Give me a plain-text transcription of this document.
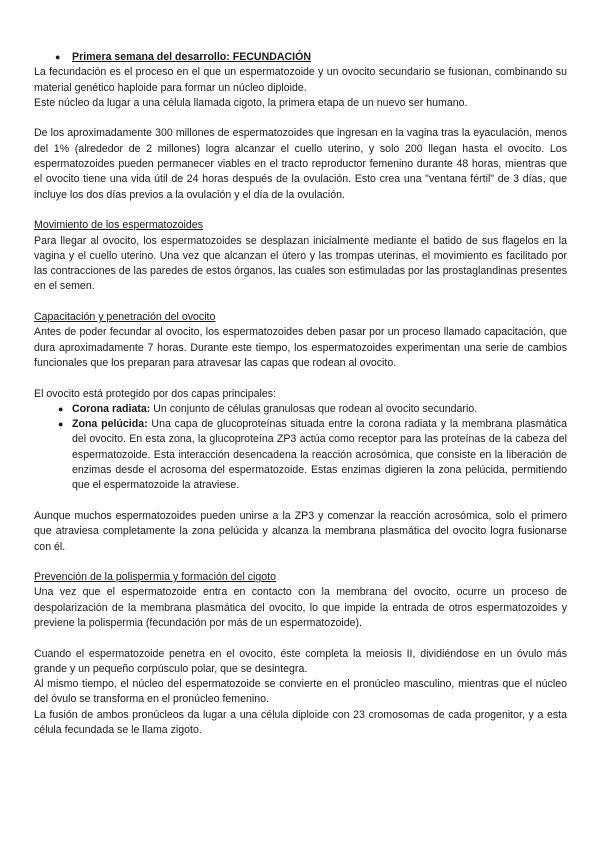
●	Primera semana del desarrollo: FECUNDACIÓN

La fecundación es el proceso en el que un espermatozoide y un ovocito secundario se fusionan, combinando su material genético haploide para formar un núcleo diploide.

Este núcleo da lugar a una célula llamada cigoto, la primera etapa de un nuevo ser humano.

De los aproximadamente 300 millones de espermatozoides que ingresan en la vagina tras la eyaculación, menos del 1% (alrededor de 2 millones) logra alcanzar el cuello uterino, y solo 200 llegan hasta el ovocito. Los espermatozoides pueden permanecer viables en el tracto reproductor femenino durante 48 horas, mientras que el ovocito tiene una vida útil de 24 horas después de la ovulación. Esto crea una "ventana fértil" de 3 días, que incluye los dos días previos a la ovulación y el día de la ovulación.

Movimiento de los espermatozoides

Para llegar al ovocito, los espermatozoides se desplazan inicialmente mediante el batido de sus flagelos en la vagina y el cuello uterino. Una vez que alcanzan el útero y las trompas uterinas, el movimiento es facilitado por las contracciones de las paredes de estos órganos, las cuales son estimuladas por las prostaglandinas presentes en el semen.

Capacitación y penetración del ovocito

Antes de poder fecundar al ovocito, los espermatozoides deben pasar por un proceso llamado capacitación, que dura aproximadamente 7 horas. Durante este tiempo, los espermatozoides experimentan una serie de cambios funcionales que los preparan para atravesar las capas que rodean al ovocito.

El ovocito está protegido por dos capas principales:

● Corona radiata: Un conjunto de células granulosas que rodean al ovocito secundario.
● Zona pelúcida: Una capa de glucoproteínas situada entre la corona radiata y la membrana plasmática del ovocito. En esta zona, la glucoproteína ZP3 actúa como receptor para las proteínas de la cabeza del espermatozoide. Esta interacción desencadena la reacción acrosómica, que consiste en la liberación de enzimas desde el acrosoma del espermatozoide. Estas enzimas digieren la zona pelúcida, permitiendo que el espermatozoide la atraviese.

Aunque muchos espermatozoides pueden unirse a la ZP3 y comenzar la reacción acrosómica, solo el primero que atraviesa completamente la zona pelúcida y alcanza la membrana plasmática del ovocito logra fusionarse con él.

Prevención de la polispermia y formación del cigoto

Una vez que el espermatozoide entra en contacto con la membrana del ovocito, ocurre un proceso de despolarización de la membrana plasmática del ovocito, lo que impide la entrada de otros espermatozoides y previene la polispermia (fecundación por más de un espermatozoide).

Cuando el espermatozoide penetra en el ovocito, éste completa la meiosis II, dividiéndose en un óvulo más grande y un pequeño corpúsculo polar, que se desintegra.

Al mismo tiempo, el núcleo del espermatozoide se convierte en el pronúcleo masculino, mientras que el núcleo del óvulo se transforma en el pronúcleo femenino.

La fusión de ambos pronúcleos da lugar a una célula diploide con 23 cromosomas de cada progenitor, y a esta célula fecundada se le llama zigoto.
